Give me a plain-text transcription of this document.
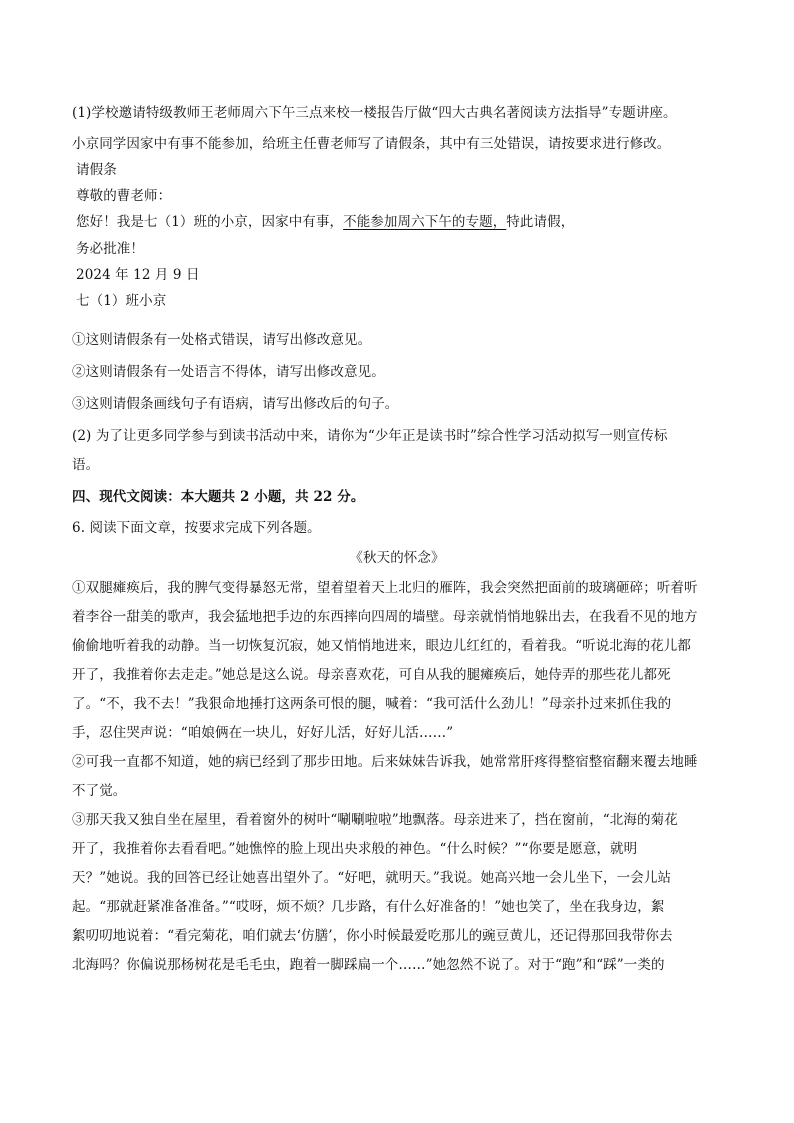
(1)学校邀请特级教师王老师周六下午三点来校一楼报告厅做“四大古典名著阅读方法指导”专题讲座。
小京同学因家中有事不能参加，给班主任曹老师写了请假条，其中有三处错误，请按要求进行修改。
请假条
尊敬的曹老师：
您好！我是七（1）班的小京，因家中有事，不能参加周六下午的专题，特此请假，
务必批准！
2024 年 12 月 9 日
七（1）班小京
①这则请假条有一处格式错误，请写出修改意见。
②这则请假条有一处语言不得体，请写出修改意见。
③这则请假条画线句子有语病，请写出修改后的句子。
(2) 为了让更多同学参与到读书活动中来，请你为“少年正是读书时”综合性学习活动拟写一则宣传标
语。
四、现代文阅读：本大题共 2 小题，共 22 分。
6. 阅读下面文章，按要求完成下列各题。
《秋天的怀念》
①双腿瘫痪后，我的脾气变得暴怒无常，望着望着天上北归的雁阵，我会突然把面前的玻璃砸碎；听着听
着李谷一甜美的歌声，我会猛地把手边的东西摔向四周的墙壁。母亲就悄悄地躲出去，在我看不见的地方
偷偷地听着我的动静。当一切恢复沉寂，她又悄悄地进来，眼边儿红红的，看着我。“听说北海的花儿都
开了，我推着你去走走。”她总是这么说。母亲喜欢花，可自从我的腿瘫痪后，她侍弄的那些花儿都死
了。“不，我不去！”我狠命地捶打这两条可恨的腿，喊着：“我可活什么劲儿！”母亲扑过来抓住我的
手，忍住哭声说：“咱娘俩在一块儿，好好儿活，好好儿活……”
②可我一直都不知道，她的病已经到了那步田地。后来妹妹告诉我，她常常肝疼得整宿整宿翻来覆去地睡
不了觉。
③那天我又独自坐在屋里，看着窗外的树叶“唰唰啦啦”地飘落。母亲进来了，挡在窗前，“北海的菊花
开了，我推着你去看看吧。”她憔悴的脸上现出央求般的神色。“什么时候？”“你要是愿意，就明
天？”她说。我的回答已经让她喜出望外了。“好吧，就明天。”我说。她高兴地一会儿坐下，一会儿站
起。“那就赶紧准备准备。”“哎呀，烦不烦？几步路，有什么好准备的！”她也笑了，坐在我身边，絮
絮叨叨地说着：“看完菊花，咱们就去‘仿膳’，你小时候最爱吃那儿的豌豆黄儿，还记得那回我带你去
北海吗？你偏说那杨树花是毛毛虫，跑着一脚踩扁一个……”她忽然不说了。对于“跑”和“踩”一类的
